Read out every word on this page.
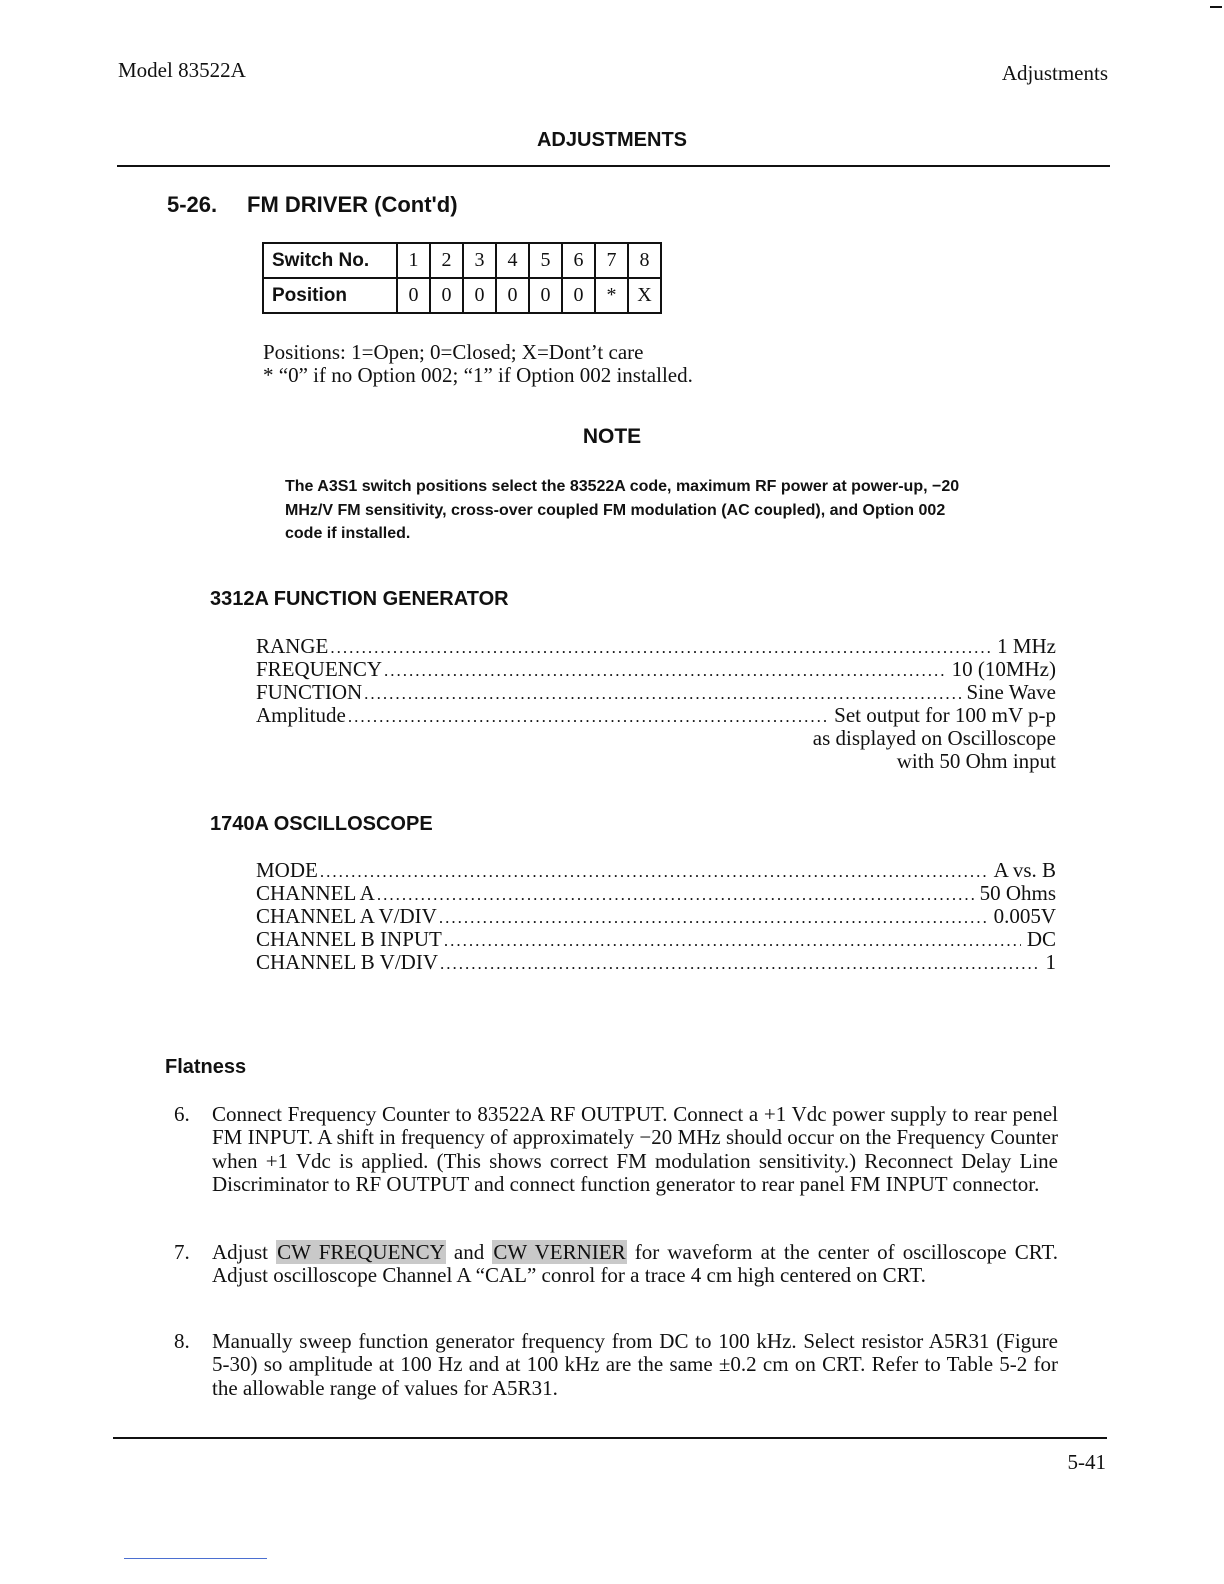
Model 83522A	Adjustments
ADJUSTMENTS
5-26. FM DRIVER (Cont'd)
Switch No.	1	2	3	4	5	6	7	8
Position	0	0	0	0	0	0	*	X
Positions: 1=Open; 0=Closed; X=Dont’t care
* “0” if no Option 002; “1” if Option 002 installed.
NOTE
The A3S1 switch positions select the 83522A code, maximum RF power at power-up, −20 MHz/V FM sensitivity, cross-over coupled FM modulation (AC coupled), and Option 002 code if installed.
3312A FUNCTION GENERATOR
RANGE .....	1 MHz
FREQUENCY .....	10 (10MHz)
FUNCTION .....	Sine Wave
Amplitude .....	Set output for 100 mV p-p
as displayed on Oscilloscope
with 50 Ohm input
1740A OSCILLOSCOPE
MODE .....	A vs. B
CHANNEL A .....	50 Ohms
CHANNEL A V/DIV .....	0.005V
CHANNEL B INPUT .....	DC
CHANNEL B V/DIV .....	1
Flatness
6. Connect Frequency Counter to 83522A RF OUTPUT. Connect a +1 Vdc power supply to rear penel FM INPUT. A shift in frequency of approximately −20 MHz should occur on the Frequency Counter when +1 Vdc is applied. (This shows correct FM modulation sensitivity.) Reconnect Delay Line Discriminator to RF OUTPUT and connect function generator to rear panel FM INPUT connector.
7. Adjust CW FREQUENCY and CW VERNIER for waveform at the center of oscilloscope CRT. Adjust oscilloscope Channel A “CAL” conrol for a trace 4 cm high centered on CRT.
8. Manually sweep function generator frequency from DC to 100 kHz. Select resistor A5R31 (Figure 5-30) so amplitude at 100 Hz and at 100 kHz are the same ±0.2 cm on CRT. Refer to Table 5-2 for the allowable range of values for A5R31.
5-41
